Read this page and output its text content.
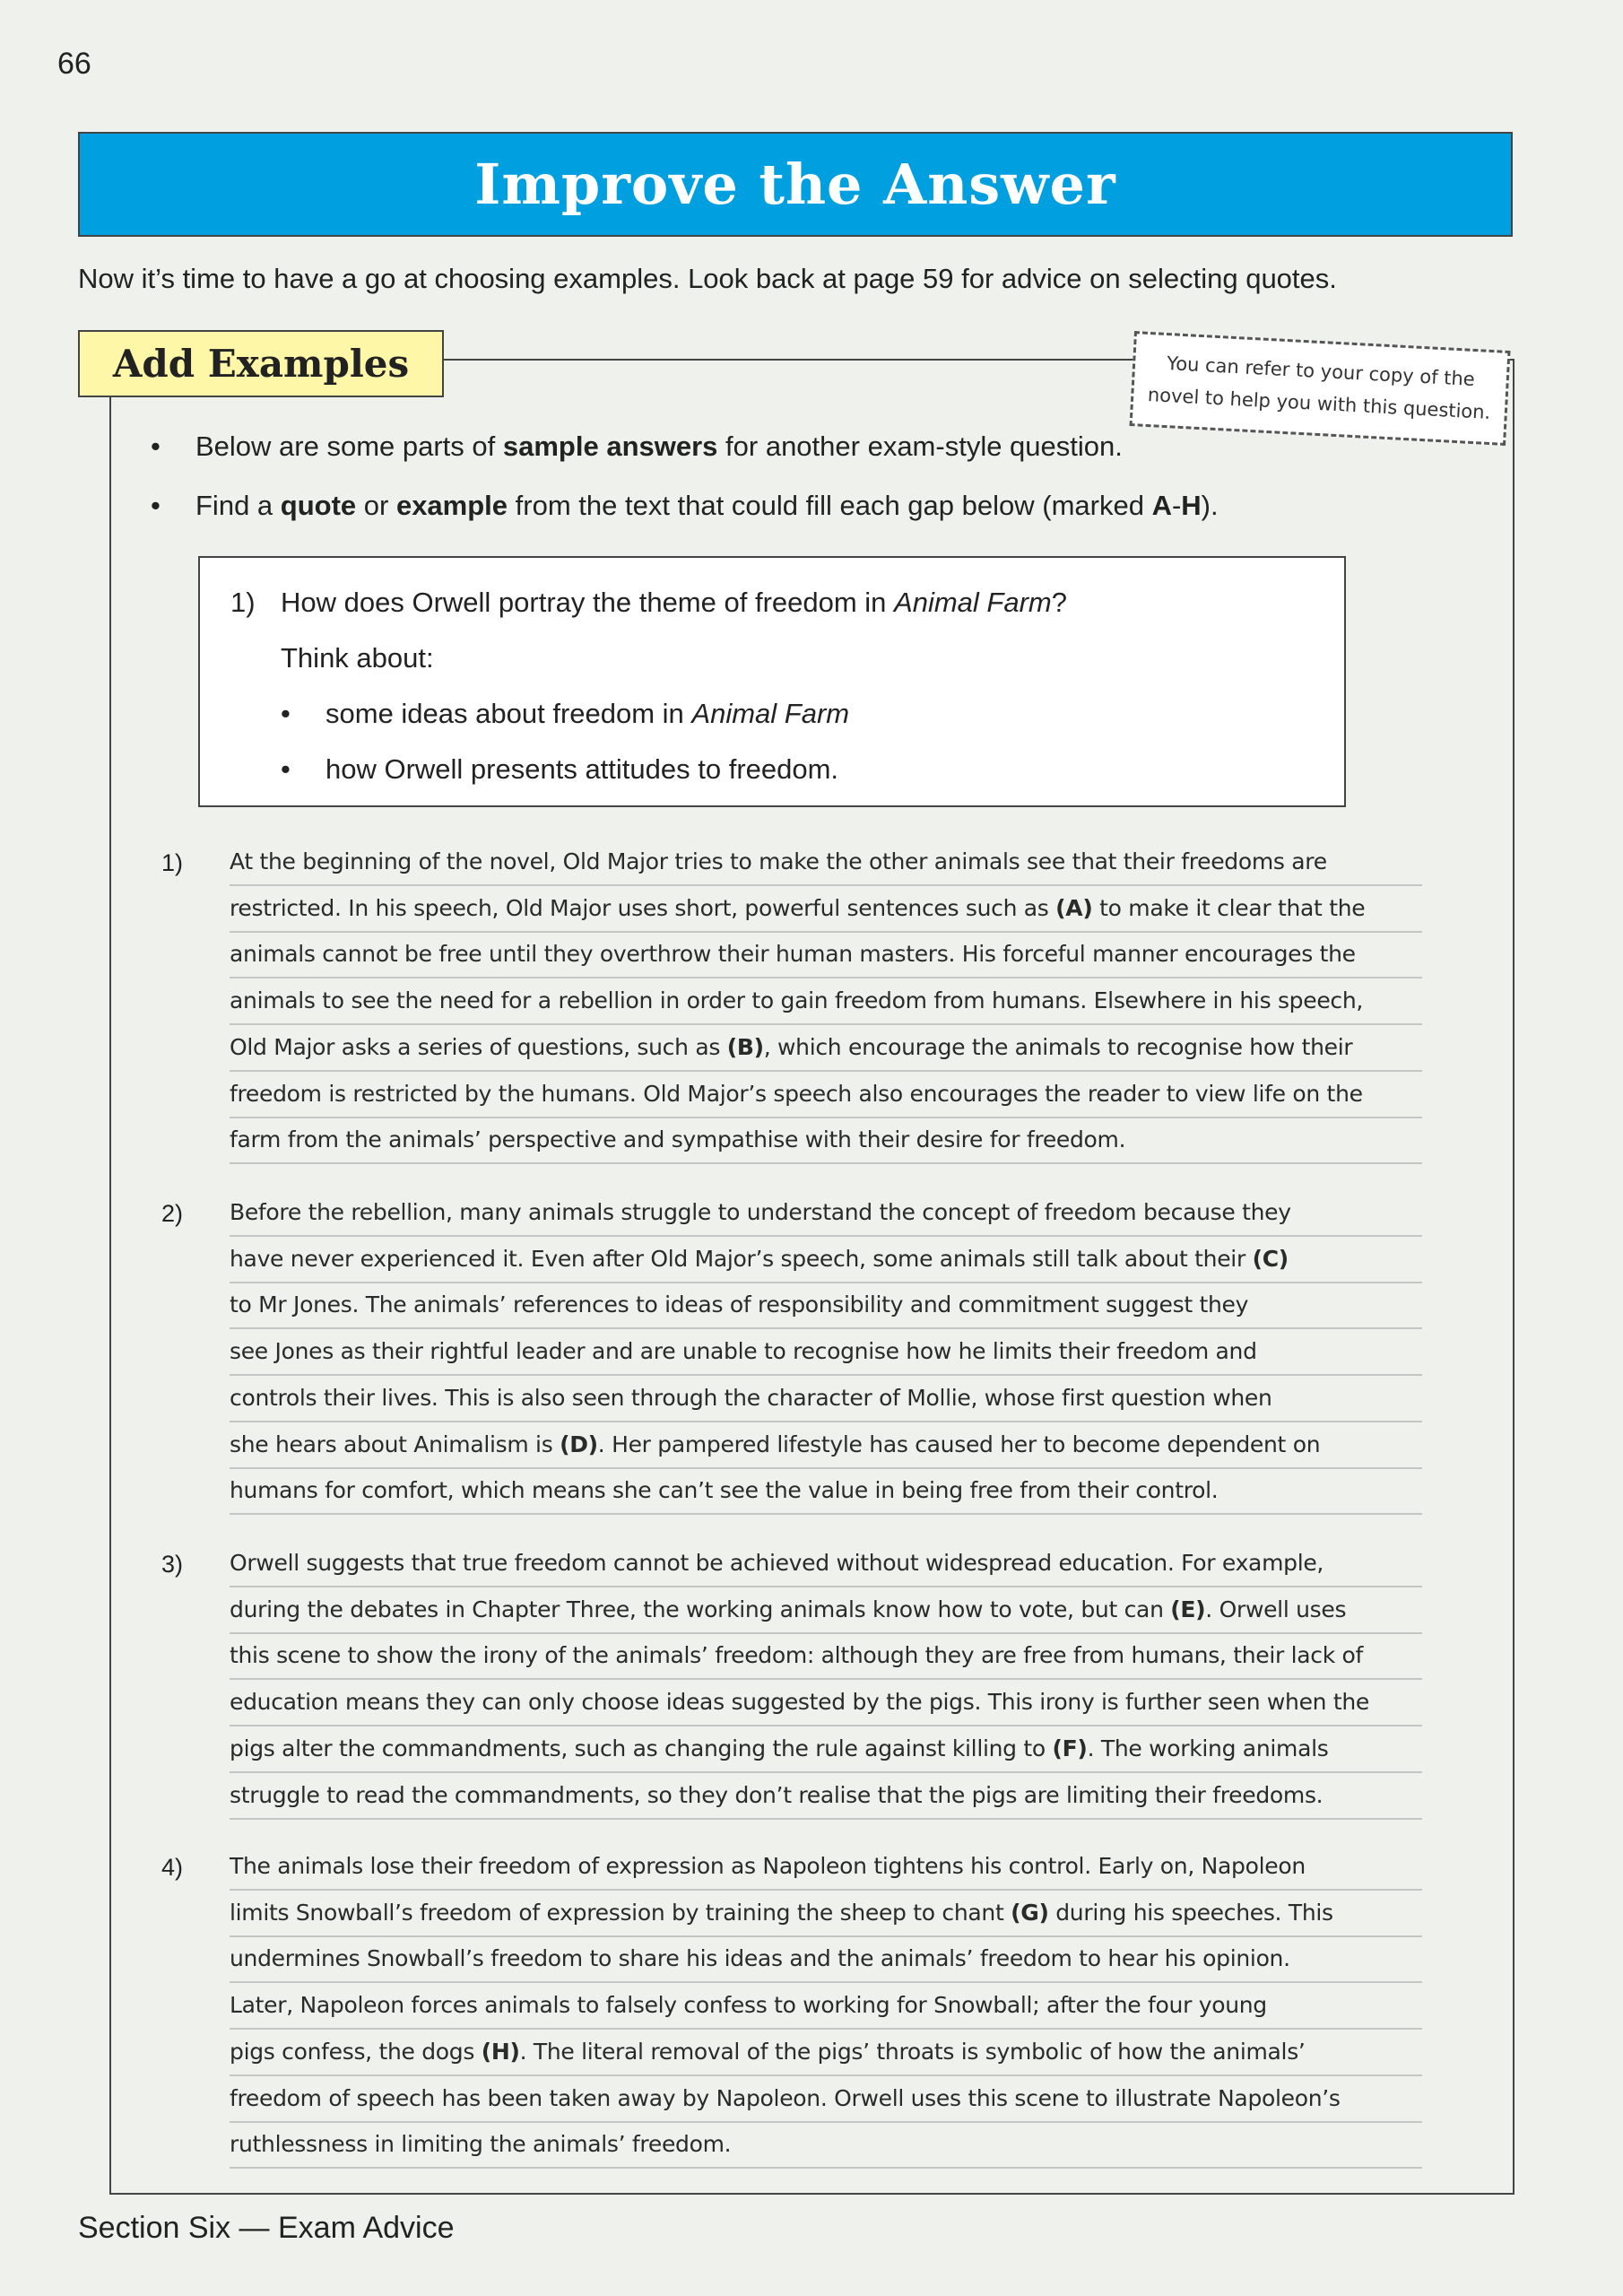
66
Improve the Answer
Now it’s time to have a go at choosing examples. Look back at page 59 for advice on selecting quotes.
Add Examples	You can refer to your copy of the
novel to help you with this question.
• Below are some parts of sample answers for another exam-style question.
• Find a quote or example from the text that could fill each gap below (marked A-H).
1) How does Orwell portray the theme of freedom in Animal Farm?
Think about:
• some ideas about freedom in Animal Farm
• how Orwell presents attitudes to freedom.
1) At the beginning of the novel, Old Major tries to make the other animals see that their freedoms are
restricted. In his speech, Old Major uses short, powerful sentences such as (A) to make it clear that the
animals cannot be free until they overthrow their human masters. His forceful manner encourages the
animals to see the need for a rebellion in order to gain freedom from humans. Elsewhere in his speech,
Old Major asks a series of questions, such as (B), which encourage the animals to recognise how their
freedom is restricted by the humans. Old Major’s speech also encourages the reader to view life on the
farm from the animals’ perspective and sympathise with their desire for freedom.
2) Before the rebellion, many animals struggle to understand the concept of freedom because they
have never experienced it. Even after Old Major’s speech, some animals still talk about their (C)
to Mr Jones. The animals’ references to ideas of responsibility and commitment suggest they
see Jones as their rightful leader and are unable to recognise how he limits their freedom and
controls their lives. This is also seen through the character of Mollie, whose first question when
she hears about Animalism is (D). Her pampered lifestyle has caused her to become dependent on
humans for comfort, which means she can’t see the value in being free from their control.
3) Orwell suggests that true freedom cannot be achieved without widespread education. For example,
during the debates in Chapter Three, the working animals know how to vote, but can (E). Orwell uses
this scene to show the irony of the animals’ freedom: although they are free from humans, their lack of
education means they can only choose ideas suggested by the pigs. This irony is further seen when the
pigs alter the commandments, such as changing the rule against killing to (F). The working animals
struggle to read the commandments, so they don’t realise that the pigs are limiting their freedoms.
4) The animals lose their freedom of expression as Napoleon tightens his control. Early on, Napoleon
limits Snowball’s freedom of expression by training the sheep to chant (G) during his speeches. This
undermines Snowball’s freedom to share his ideas and the animals’ freedom to hear his opinion.
Later, Napoleon forces animals to falsely confess to working for Snowball; after the four young
pigs confess, the dogs (H). The literal removal of the pigs’ throats is symbolic of how the animals’
freedom of speech has been taken away by Napoleon. Orwell uses this scene to illustrate Napoleon’s
ruthlessness in limiting the animals’ freedom.
Section Six — Exam Advice
